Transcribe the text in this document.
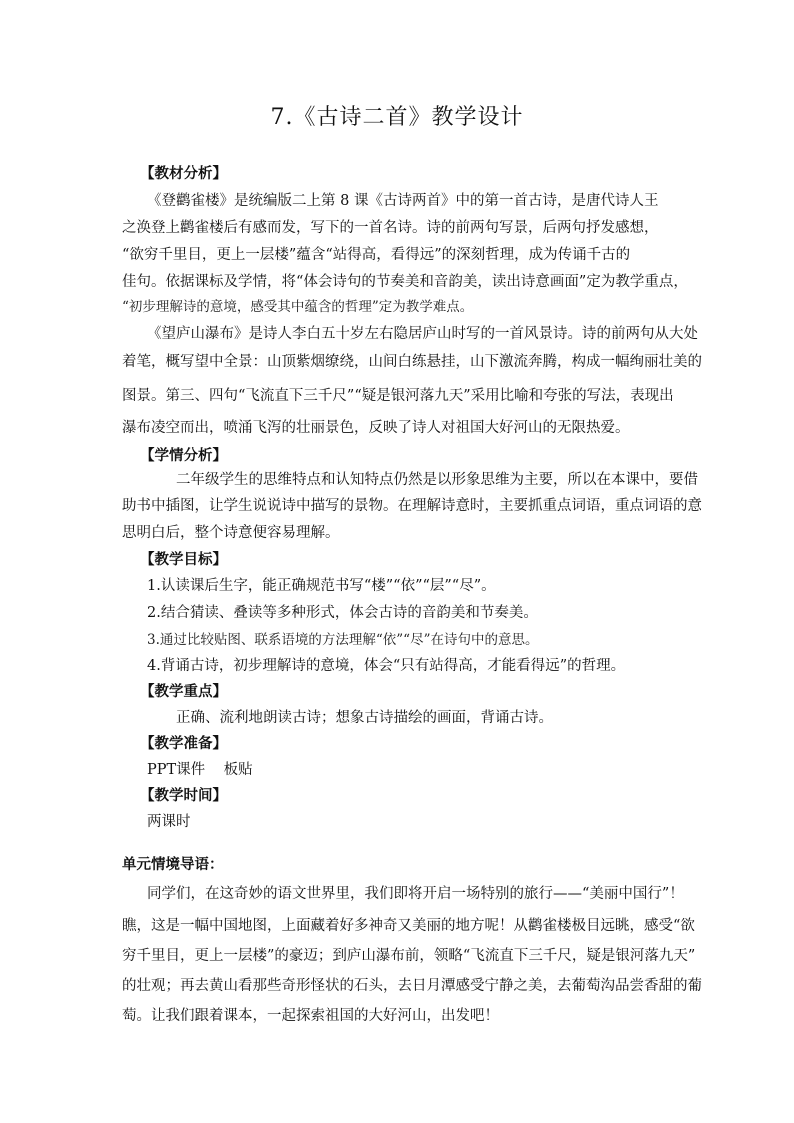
7.《古诗二首》教学设计
【教材分析】
《登鹳雀楼》是统编版二上第 8 课《古诗两首》中的第一首古诗，是唐代诗人王
之涣登上鹳雀楼后有感而发，写下的一首名诗。诗的前两句写景，后两句抒发感想，
“欲穷千里目，更上一层楼”蕴含“站得高，看得远”的深刻哲理，成为传诵千古的
佳句。依据课标及学情，将“体会诗句的节奏美和音韵美，读出诗意画面”定为教学重点，
“初步理解诗的意境，感受其中蕴含的哲理”定为教学难点。
《望庐山瀑布》是诗人李白五十岁左右隐居庐山时写的一首风景诗。诗的前两句从大处
着笔，概写望中全景：山顶紫烟缭绕，山间白练悬挂，山下激流奔腾，构成一幅绚丽壮美的
图景。第三、四句“飞流直下三千尺”“疑是银河落九天”采用比喻和夸张的写法，表现出
瀑布凌空而出，喷涌飞泻的壮丽景色，反映了诗人对祖国大好河山的无限热爱。
【学情分析】
二年级学生的思维特点和认知特点仍然是以形象思维为主要，所以在本课中，要借
助书中插图，让学生说说诗中描写的景物。在理解诗意时，主要抓重点词语，重点词语的意
思明白后，整个诗意便容易理解。
【教学目标】
1.认读课后生字，能正确规范书写“楼”“依”“层”“尽”。
2.结合猜读、叠读等多种形式，体会古诗的音韵美和节奏美。
3.通过比较贴图、联系语境的方法理解“依”“尽”在诗句中的意思。
4.背诵古诗，初步理解诗的意境，体会“只有站得高，才能看得远”的哲理。
【教学重点】
正确、流利地朗读古诗；想象古诗描绘的画面，背诵古诗。
【教学准备】
PPT课件    板贴
【教学时间】
两课时
单元情境导语：
同学们，在这奇妙的语文世界里，我们即将开启一场特别的旅行——“美丽中国行”！
瞧，这是一幅中国地图，上面藏着好多神奇又美丽的地方呢！从鹳雀楼极目远眺，感受“欲
穷千里目，更上一层楼”的豪迈；到庐山瀑布前，领略“飞流直下三千尺，疑是银河落九天”
的壮观；再去黄山看那些奇形怪状的石头，去日月潭感受宁静之美，去葡萄沟品尝香甜的葡
萄。让我们跟着课本，一起探索祖国的大好河山，出发吧！
